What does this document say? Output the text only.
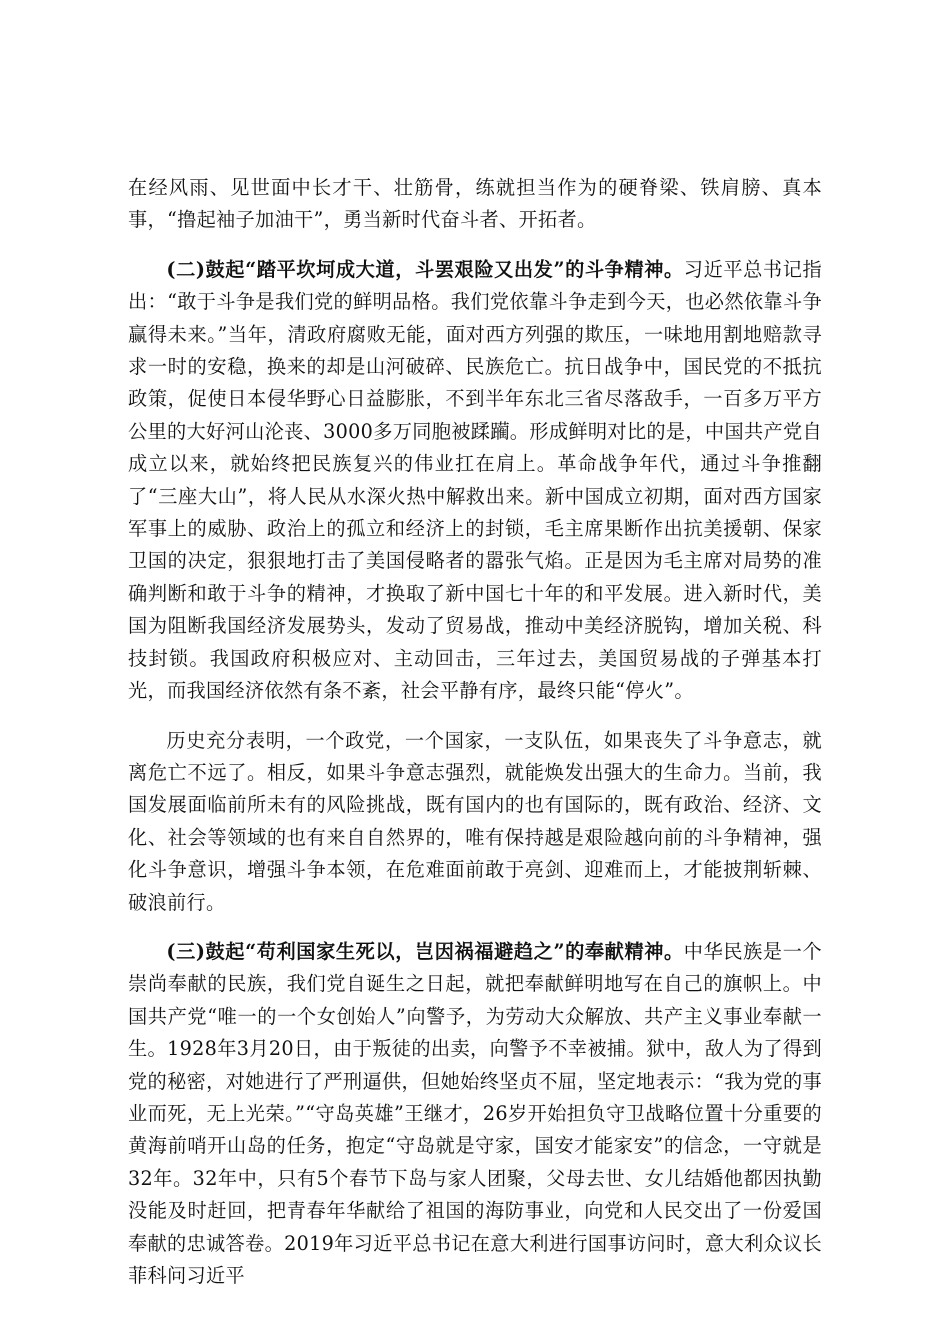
在经风雨、见世面中长才干、壮筋骨，练就担当作为的硬脊梁、铁肩膀、真本事，“撸起袖子加油干”，勇当新时代奋斗者、开拓者。

(二)鼓起“踏平坎坷成大道，斗罢艰险又出发”的斗争精神。习近平总书记指出：“敢于斗争是我们党的鲜明品格。我们党依靠斗争走到今天，也必然依靠斗争赢得未来。”当年，清政府腐败无能，面对西方列强的欺压，一味地用割地赔款寻求一时的安稳，换来的却是山河破碎、民族危亡。抗日战争中，国民党的不抵抗政策，促使日本侵华野心日益膨胀，不到半年东北三省尽落敌手，一百多万平方公里的大好河山沦丧、3000多万同胞被蹂躏。形成鲜明对比的是，中国共产党自成立以来，就始终把民族复兴的伟业扛在肩上。革命战争年代，通过斗争推翻了“三座大山”，将人民从水深火热中解救出来。新中国成立初期，面对西方国家军事上的威胁、政治上的孤立和经济上的封锁，毛主席果断作出抗美援朝、保家卫国的决定，狠狠地打击了美国侵略者的嚣张气焰。正是因为毛主席对局势的准确判断和敢于斗争的精神，才换取了新中国七十年的和平发展。进入新时代，美国为阻断我国经济发展势头，发动了贸易战，推动中美经济脱钩，增加关税、科技封锁。我国政府积极应对、主动回击，三年过去，美国贸易战的子弹基本打光，而我国经济依然有条不紊，社会平静有序，最终只能“停火”。

历史充分表明，一个政党，一个国家，一支队伍，如果丧失了斗争意志，就离危亡不远了。相反，如果斗争意志强烈，就能焕发出强大的生命力。当前，我国发展面临前所未有的风险挑战，既有国内的也有国际的，既有政治、经济、文化、社会等领域的也有来自自然界的，唯有保持越是艰险越向前的斗争精神，强化斗争意识，增强斗争本领，在危难面前敢于亮剑、迎难而上，才能披荆斩棘、破浪前行。

(三)鼓起“苟利国家生死以，岂因祸福避趋之”的奉献精神。中华民族是一个崇尚奉献的民族，我们党自诞生之日起，就把奉献鲜明地写在自己的旗帜上。中国共产党“唯一的一个女创始人”向警予，为劳动大众解放、共产主义事业奉献一生。1928年3月20日，由于叛徒的出卖，向警予不幸被捕。狱中，敌人为了得到党的秘密，对她进行了严刑逼供，但她始终坚贞不屈，坚定地表示：“我为党的事业而死，无上光荣。”“守岛英雄”王继才，26岁开始担负守卫战略位置十分重要的黄海前哨开山岛的任务，抱定“守岛就是守家，国安才能家安”的信念，一守就是32年。32年中，只有5个春节下岛与家人团聚，父母去世、女儿结婚他都因执勤没能及时赶回，把青春年华献给了祖国的海防事业，向党和人民交出了一份爱国奉献的忠诚答卷。2019年习近平总书记在意大利进行国事访问时，意大利众议长菲科问习近平
